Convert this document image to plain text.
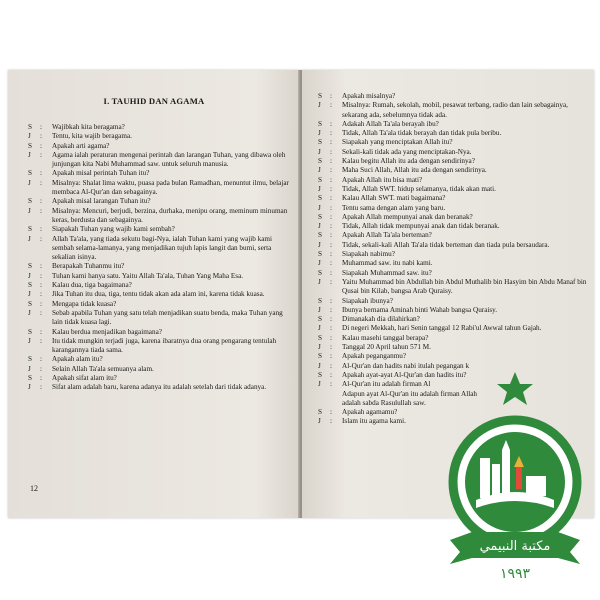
I. TAUHID DAN AGAMA
S	: Wajibkah kita beragama?
J	: Tentu, kita wajib beragama.
S	: Apakah arti agama?
J	: Agama ialah peraturan mengenai perintah dan larangan Tuhan, yang dibawa oleh junjungan kita Nabi Muhammad saw. untuk seluruh manusia.
S	: Apakah misal perintah Tuhan itu?
J	: Misalnya: Shalat lima waktu, puasa pada bulan Ramadhan, menuntut ilmu, belajar membaca Al-Qur'an dan sebagainya.
S	: Apakah misal larangan Tuhan itu?
J	: Misalnya: Mencuri, berjudi, berzina, durhaka, menipu orang, meminum minuman keras, berdusta dan sebagainya.
S	: Siapakah Tuhan yang wajib kami sembah?
J	: Allah Ta'ala, yang tiada sekutu bagi-Nya, ialah Tuhan kami yang wajib kami sembah selama-lamanya, yang menjadikan tujuh lapis langit dan bumi, serta sekalian isinya.
S	: Berapakah Tuhanmu itu?
J	: Tuhan kami hanya satu. Yaitu Allah Ta'ala, Tuhan Yang Maha Esa.
S	: Kalau dua, tiga bagaimana?
J	: Jika Tuhan itu dua, tiga, tentu tidak akan ada alam ini, karena tidak kuasa.
S	: Mengapa tidak kuasa?
J	: Sebab apabila Tuhan yang satu telah menjadikan suatu benda, maka Tuhan yang lain tidak kuasa lagi.
S	: Kalau berdua menjadikan bagaimana?
J	: Itu tidak mungkin terjadi juga, karena ibaratnya dua orang pengarang tentulah karangannya tiada sama.
S	: Apakah alam itu?
J	: Selain Allah Ta'ala semuanya alam.
S	: Apakah sifat alam itu?
J	: Sifat alam adalah baru, karena adanya itu adalah setelah dari tidak adanya.
12
S	: Apakah misalnya?
J	: Misalnya: Rumah, sekolah, mobil, pesawat terbang, radio dan lain sebagainya, sekarang ada, sebelumnya tidak ada.
S	: Adakah Allah Ta'ala berayah ibu?
J	: Tidak, Allah Ta'ala tidak berayah dan tidak pula beribu.
S	: Siapakah yang menciptakan Allah itu?
J	: Sekali-kali tidak ada yang menciptakan-Nya.
S	: Kalau begitu Allah itu ada dengan sendirinya?
J	: Maha Suci Allah, Allah itu ada dengan sendirinya.
S	: Apakah Allah itu bisa mati?
J	: Tidak, Allah SWT. hidup selamanya, tidak akan mati.
S	: Kalau Allah SWT. mati bagaimana?
J	: Tentu sama dengan alam yang baru.
S	: Apakah Allah mempunyai anak dan beranak?
J	: Tidak, Allah tidak mempunyai anak dan tidak beranak.
S	: Apakah Allah Ta'ala berteman?
J	: Tidak, sekali-kali Allah Ta'ala tidak berteman dan tiada pula bersaudara.
S	: Siapakah nabimu?
J	: Muhammad saw. itu nabi kami.
S	: Siapakah Muhammad saw. itu?
J	: Yaitu Muhammad bin Abdullah bin Abdul Muthalib bin Hasyim bin Abdu Manaf bin Qusai bin Kilab, bangsa Arab Quraisy.
S	: Siapakah ibunya?
J	: Ibunya bernama Aminah binti Wahab bangsa Quraisy.
S	: Dimanakah dia dilahirkan?
J	: Di negeri Mekkah, hari Senin tanggal 12 Rabi'ul Awwal tahun Gajah.
S	: Kalau masehi tanggal berapa?
J	: Tanggal 20 April tahun 571 M.
S	: Apakah peganganmu?
J	: Al-Qur'an dan hadits nabi itulah pegangan k
S	: Apakah ayat-ayat Al-Qur'an dan hadits itu?
J	: Al-Qur'an itu adalah firman Al
Adapun ayat Al-Qur'an itu adalah firman Allah
adalah sabda Rasulullah saw.
S	: Apakah agamamu?
J	: Islam itu agama kami.
مكتبة النبيمي
١٩٩٣
